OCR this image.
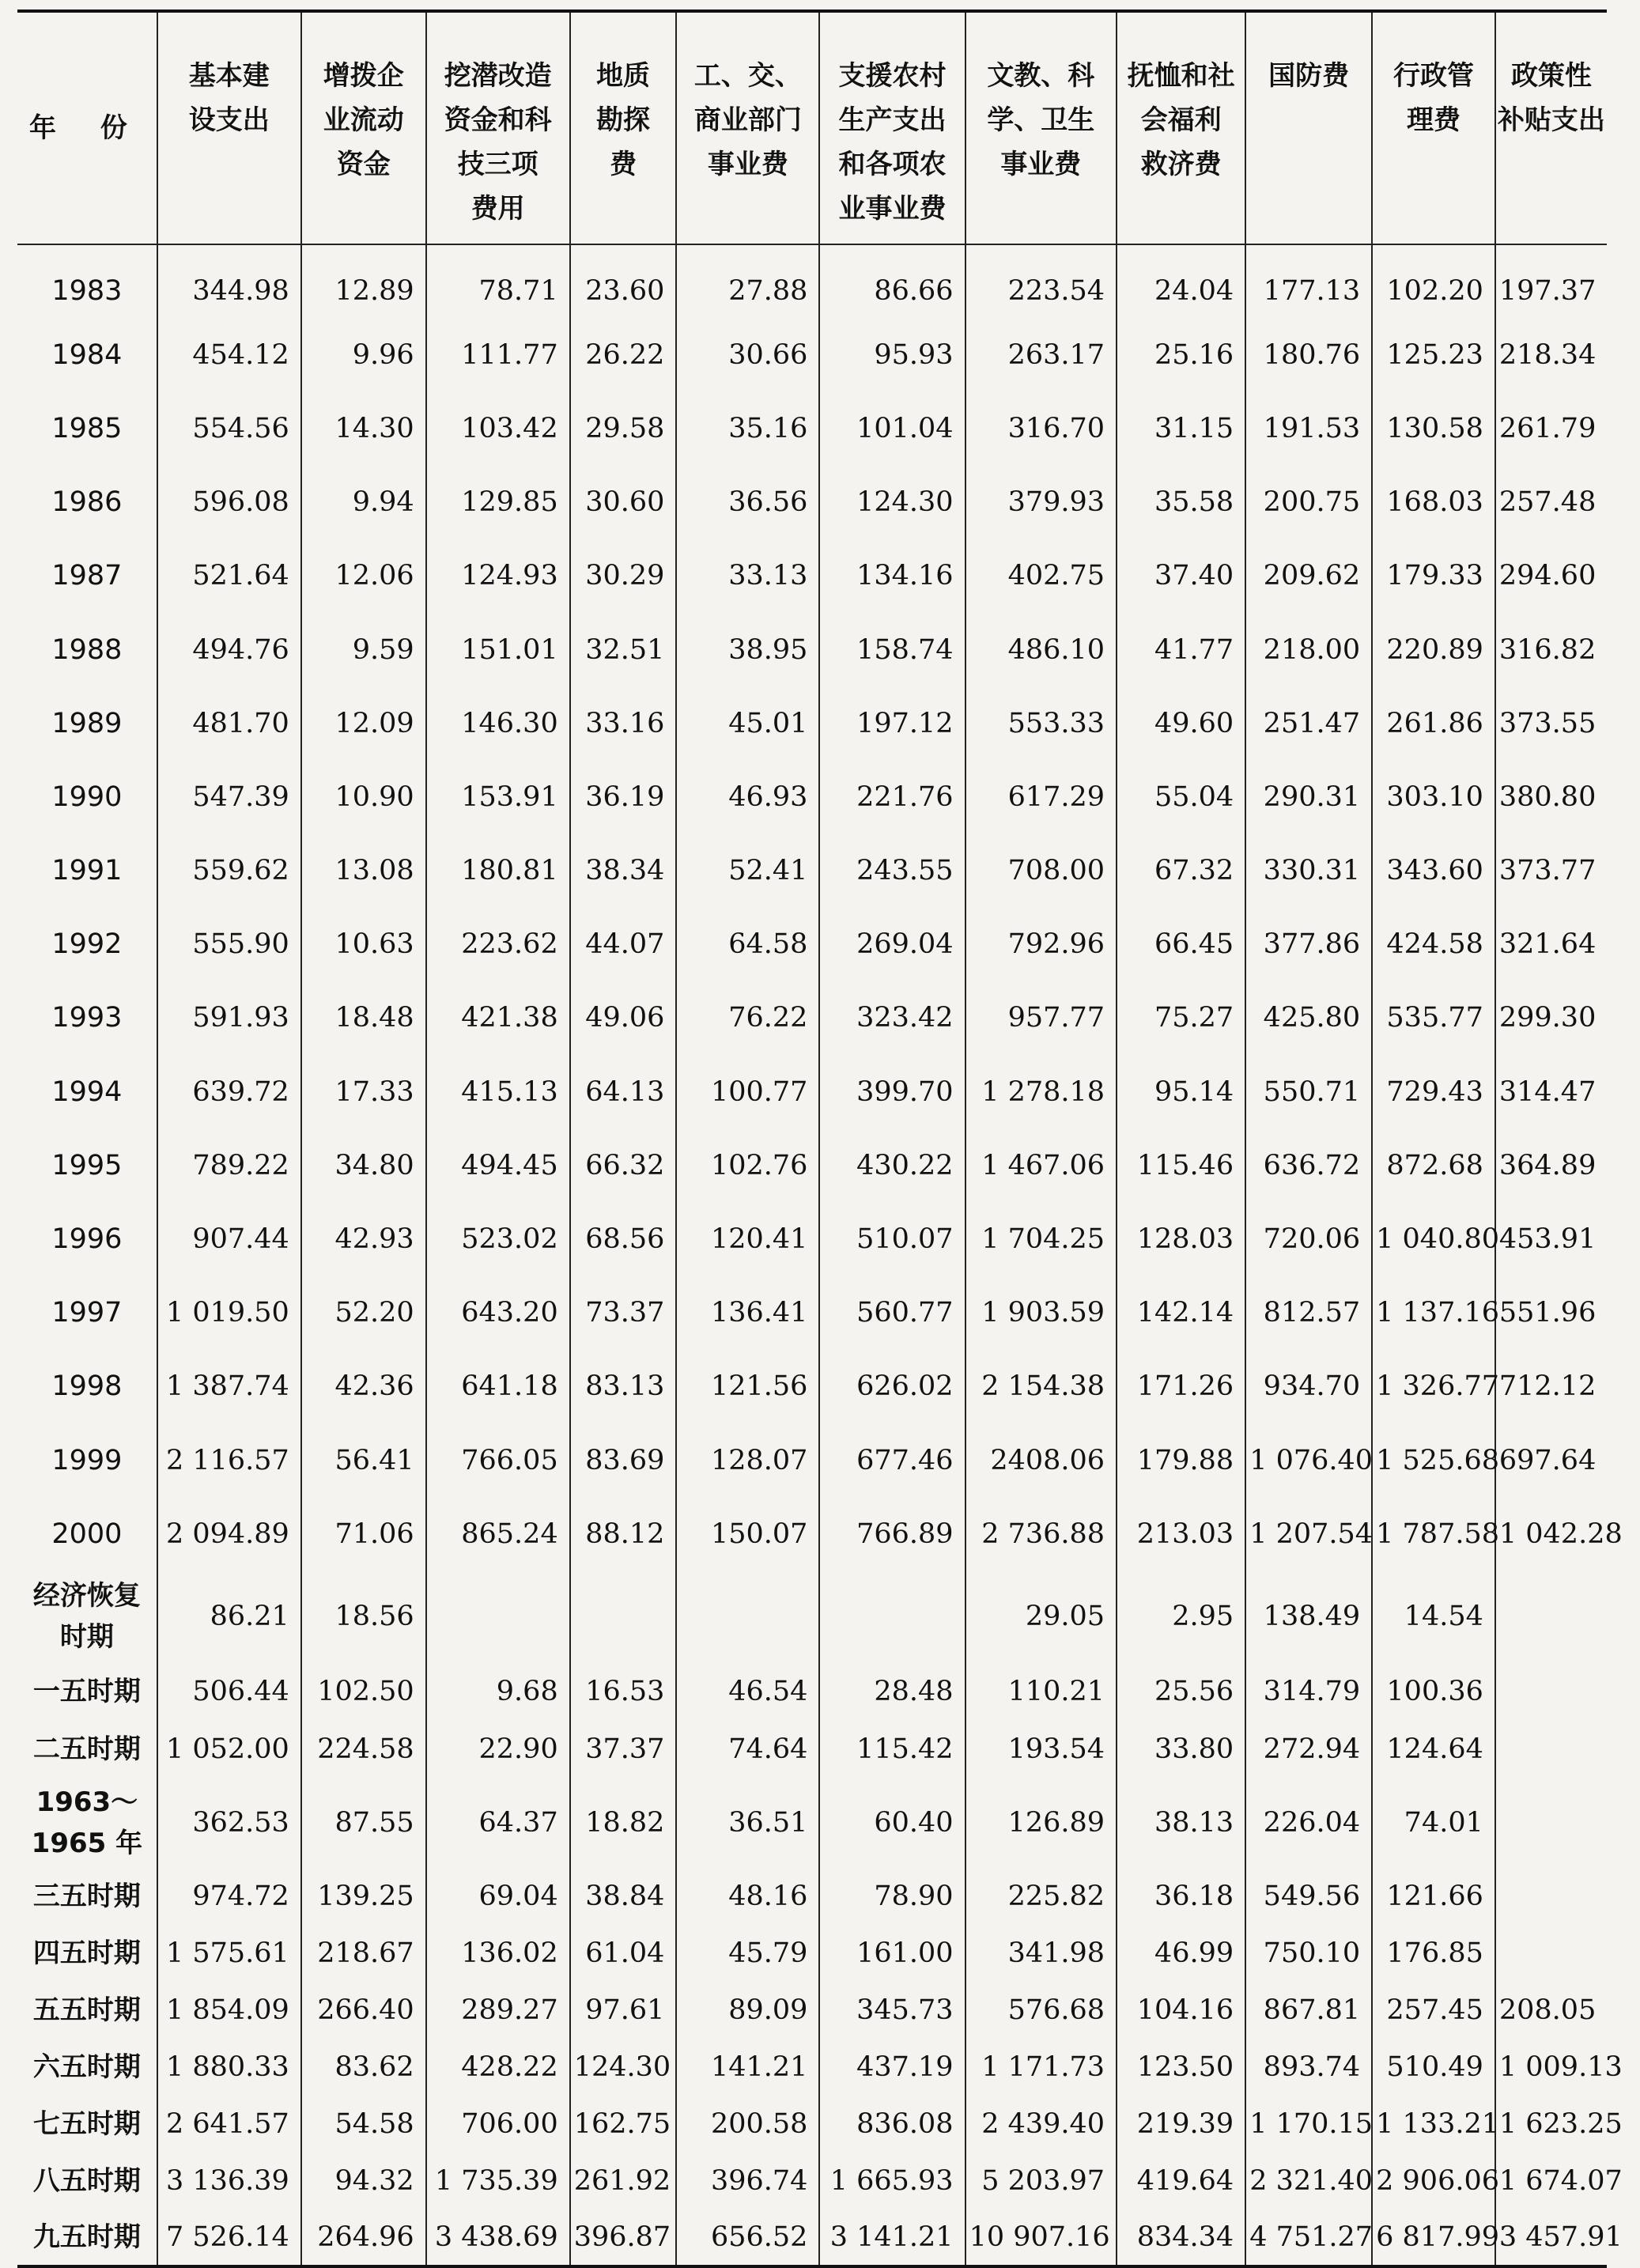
年 份	基本建
设支出	增拨企
业流动
资金	挖潜改造
资金和科
技三项
费用	地质
勘探
费	工、交、
商业部门
事业费	支援农村
生产支出
和各项农
业事业费	文教、科
学、卫生
事业费	抚恤和社
会福利
救济费	国防费	行政管
理费	政策性
补贴支出
1983	344.98	12.89	78.71	23.60	27.88	86.66	223.54	24.04	177.13	102.20	197.37
1984	454.12	9.96	111.77	26.22	30.66	95.93	263.17	25.16	180.76	125.23	218.34
1985	554.56	14.30	103.42	29.58	35.16	101.04	316.70	31.15	191.53	130.58	261.79
1986	596.08	9.94	129.85	30.60	36.56	124.30	379.93	35.58	200.75	168.03	257.48
1987	521.64	12.06	124.93	30.29	33.13	134.16	402.75	37.40	209.62	179.33	294.60
1988	494.76	9.59	151.01	32.51	38.95	158.74	486.10	41.77	218.00	220.89	316.82
1989	481.70	12.09	146.30	33.16	45.01	197.12	553.33	49.60	251.47	261.86	373.55
1990	547.39	10.90	153.91	36.19	46.93	221.76	617.29	55.04	290.31	303.10	380.80
1991	559.62	13.08	180.81	38.34	52.41	243.55	708.00	67.32	330.31	343.60	373.77
1992	555.90	10.63	223.62	44.07	64.58	269.04	792.96	66.45	377.86	424.58	321.64
1993	591.93	18.48	421.38	49.06	76.22	323.42	957.77	75.27	425.80	535.77	299.30
1994	639.72	17.33	415.13	64.13	100.77	399.70	1 278.18	95.14	550.71	729.43	314.47
1995	789.22	34.80	494.45	66.32	102.76	430.22	1 467.06	115.46	636.72	872.68	364.89
1996	907.44	42.93	523.02	68.56	120.41	510.07	1 704.25	128.03	720.06	1 040.80	453.91
1997	1 019.50	52.20	643.20	73.37	136.41	560.77	1 903.59	142.14	812.57	1 137.16	551.96
1998	1 387.74	42.36	641.18	83.13	121.56	626.02	2 154.38	171.26	934.70	1 326.77	712.12
1999	2 116.57	56.41	766.05	83.69	128.07	677.46	2408.06	179.88	1 076.40	1 525.68	697.64
2000	2 094.89	71.06	865.24	88.12	150.07	766.89	2 736.88	213.03	1 207.54	1 787.58	1 042.28
经济恢复
时期	86.21	18.56					29.05	2.95	138.49	14.54	
一五时期	506.44	102.50	9.68	16.53	46.54	28.48	110.21	25.56	314.79	100.36	
二五时期	1 052.00	224.58	22.90	37.37	74.64	115.42	193.54	33.80	272.94	124.64	
1963～
1965 年	362.53	87.55	64.37	18.82	36.51	60.40	126.89	38.13	226.04	74.01	
三五时期	974.72	139.25	69.04	38.84	48.16	78.90	225.82	36.18	549.56	121.66	
四五时期	1 575.61	218.67	136.02	61.04	45.79	161.00	341.98	46.99	750.10	176.85	
五五时期	1 854.09	266.40	289.27	97.61	89.09	345.73	576.68	104.16	867.81	257.45	208.05
六五时期	1 880.33	83.62	428.22	124.30	141.21	437.19	1 171.73	123.50	893.74	510.49	1 009.13
七五时期	2 641.57	54.58	706.00	162.75	200.58	836.08	2 439.40	219.39	1 170.15	1 133.21	1 623.25
八五时期	3 136.39	94.32	1 735.39	261.92	396.74	1 665.93	5 203.97	419.64	2 321.40	2 906.06	1 674.07
九五时期	7 526.14	264.96	3 438.69	396.87	656.52	3 141.21	10 907.16	834.34	4 751.27	6 817.99	3 457.91
